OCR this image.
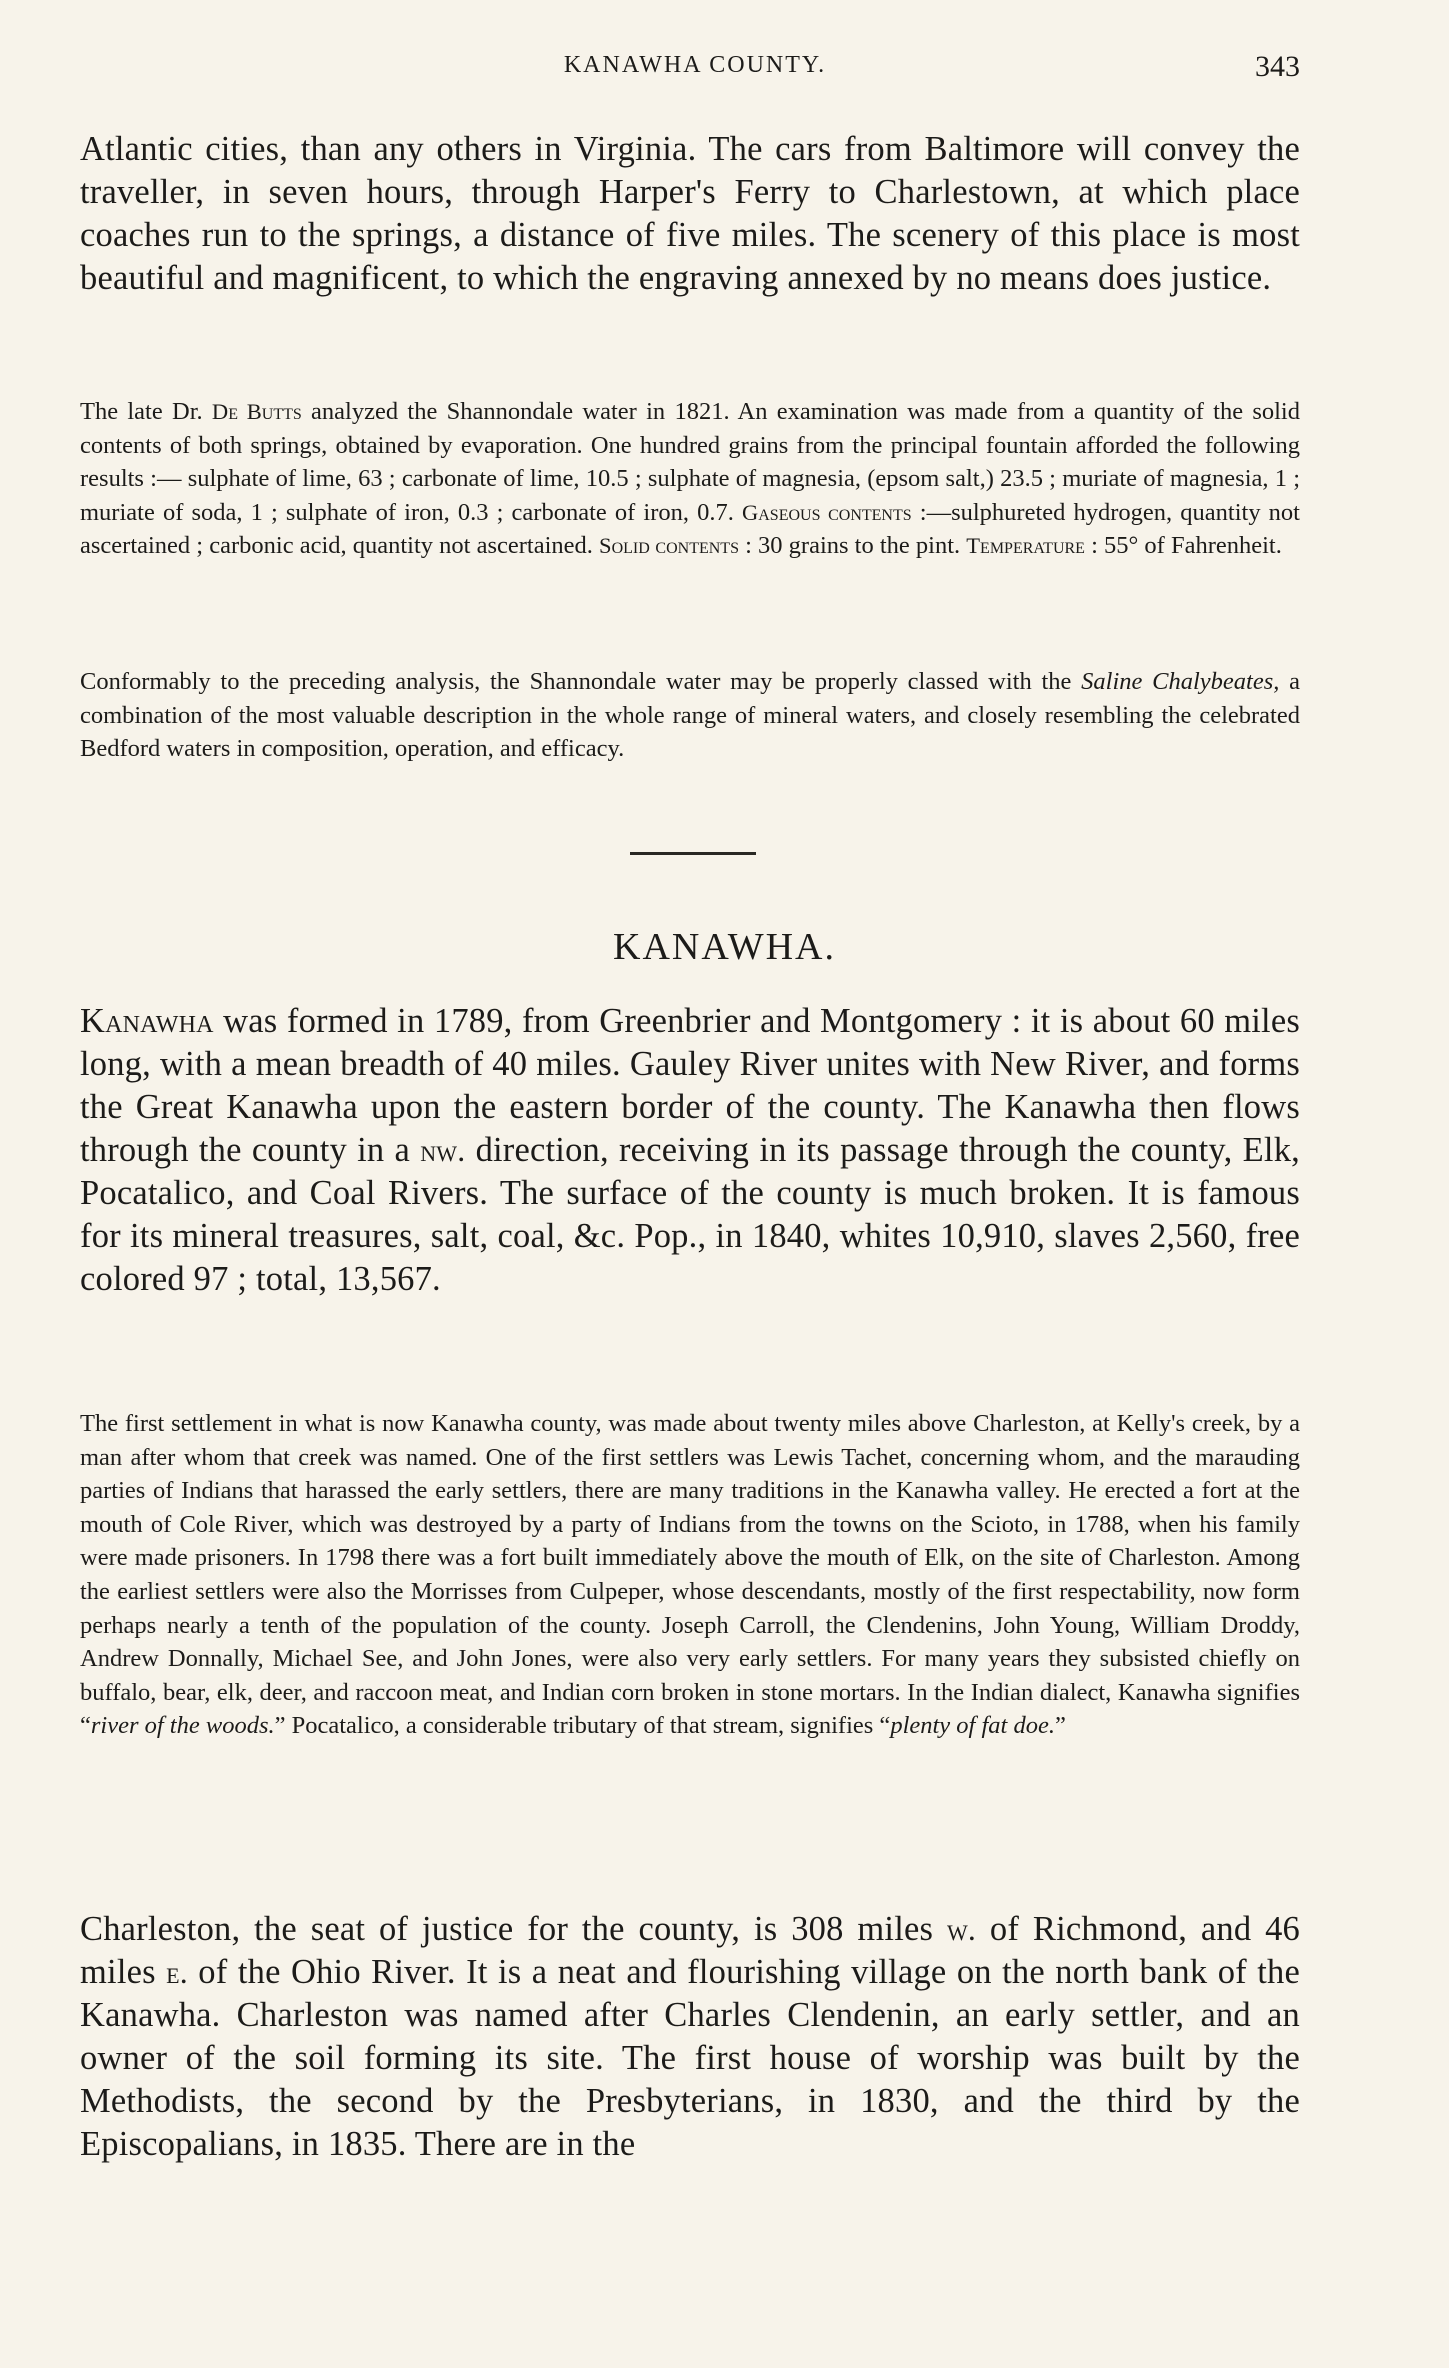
KANAWHA COUNTY.	343

Atlantic cities, than any others in Virginia. The cars from Baltimore will convey the traveller, in seven hours, through Harper's Ferry to Charlestown, at which place coaches run to the springs, a distance of five miles. The scenery of this place is most beautiful and magnificent, to which the engraving annexed by no means does justice.

The late Dr. De Butts analyzed the Shannondale water in 1821. An examination was made from a quantity of the solid contents of both springs, obtained by evaporation. One hundred grains from the principal fountain afforded the following results :— sulphate of lime, 63 ; carbonate of lime, 10.5 ; sulphate of magnesia, (epsom salt,) 23.5 ; muriate of magnesia, 1 ; muriate of soda, 1 ; sulphate of iron, 0.3 ; carbonate of iron, 0.7. Gaseous contents :—sulphureted hydrogen, quantity not ascertained ; carbonic acid, quantity not ascertained. Solid contents : 30 grains to the pint. Temperature : 55° of Fahrenheit.

Conformably to the preceding analysis, the Shannondale water may be properly classed with the Saline Chalybeates, a combination of the most valuable description in the whole range of mineral waters, and closely resembling the celebrated Bedford waters in composition, operation, and efficacy.

KANAWHA.

Kanawha was formed in 1789, from Greenbrier and Montgomery : it is about 60 miles long, with a mean breadth of 40 miles. Gauley River unites with New River, and forms the Great Kanawha upon the eastern border of the county. The Kanawha then flows through the county in a nw. direction, receiving in its passage through the county, Elk, Pocatalico, and Coal Rivers. The surface of the county is much broken. It is famous for its mineral treasures, salt, coal, &c. Pop., in 1840, whites 10,910, slaves 2,560, free colored 97 ; total, 13,567.

The first settlement in what is now Kanawha county, was made about twenty miles above Charleston, at Kelly's creek, by a man after whom that creek was named. One of the first settlers was Lewis Tachet, concerning whom, and the marauding parties of Indians that harassed the early settlers, there are many traditions in the Kanawha valley. He erected a fort at the mouth of Cole River, which was destroyed by a party of Indians from the towns on the Scioto, in 1788, when his family were made prisoners. In 1798 there was a fort built immediately above the mouth of Elk, on the site of Charleston. Among the earliest settlers were also the Morrisses from Culpeper, whose descendants, mostly of the first respectability, now form perhaps nearly a tenth of the population of the county. Joseph Carroll, the Clendenins, John Young, William Droddy, Andrew Donnally, Michael See, and John Jones, were also very early settlers. For many years they subsisted chiefly on buffalo, bear, elk, deer, and raccoon meat, and Indian corn broken in stone mortars. In the Indian dialect, Kanawha signifies “river of the woods.” Pocatalico, a considerable tributary of that stream, signifies “plenty of fat doe.”

Charleston, the seat of justice for the county, is 308 miles w. of Richmond, and 46 miles e. of the Ohio River. It is a neat and flourishing village on the north bank of the Kanawha. Charleston was named after Charles Clendenin, an early settler, and an owner of the soil forming its site. The first house of worship was built by the Methodists, the second by the Presbyterians, in 1830, and the third by the Episcopalians, in 1835. There are in the
